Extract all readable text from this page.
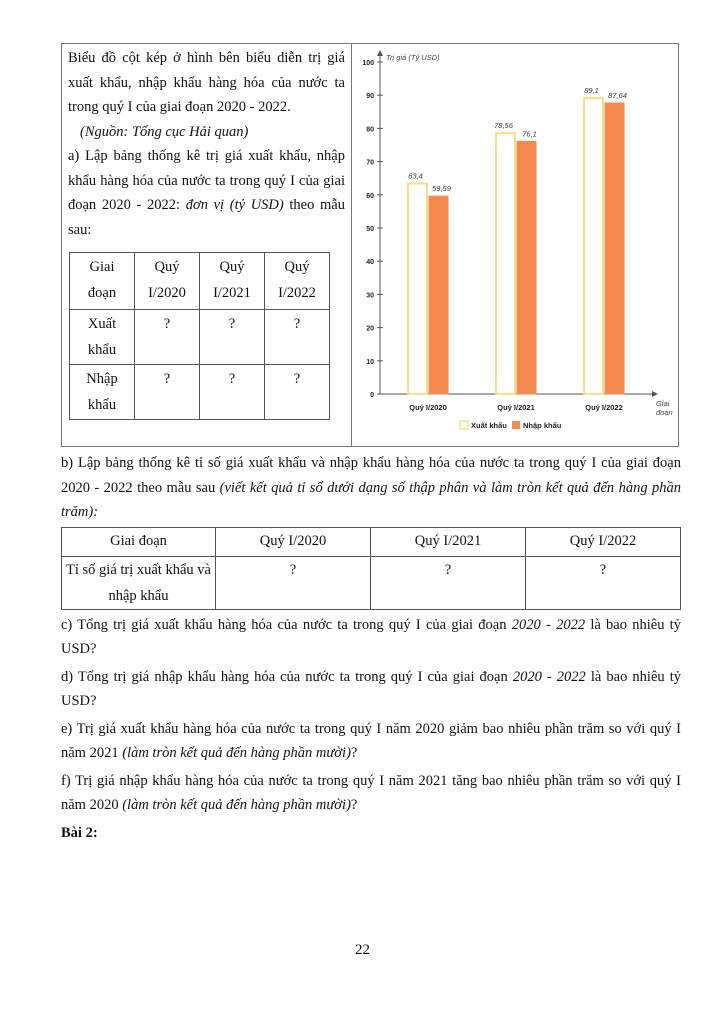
Biểu đồ cột kép ở hình bên biểu diễn trị giá xuất khẩu, nhập khẩu hàng hóa của nước ta trong quý I của giai đoạn 2020 - 2022.

(Nguồn: Tổng cục Hải quan)

a) Lập bảng thống kê trị giá xuất khẩu, nhập khẩu hàng hóa của nước ta trong quý I của giai đoạn 2020 - 2022: đơn vị (tỷ USD) theo mẫu sau:

Giai đoạn	Quý I/2020	Quý I/2021	Quý I/2022
Xuất khẩu	?	?	?
Nhập khẩu	?	?	?
0
10
20
30
40
50
60
70
80
90
100
Trị giá (Tỷ USD)
Giai
đoạn
63,4
59,59
Quý I/2020
78,56
76,1
Quý I/2021
89,1
87,64
Quý I/2022
Xuất khẩu Nhập khẩu

b) Lập bảng thống kê tỉ số giá xuất khẩu và nhập khẩu hàng hóa của nước ta trong quý I của giai đoạn 2020 - 2022 theo mẫu sau (viết kết quả tỉ số dưới dạng số thập phân và làm tròn kết quả đến hàng phần trăm):

Giai đoạn	Quý I/2020	Quý I/2021	Quý I/2022
Tỉ số giá trị xuất khẩu và nhập khẩu	?	?	?

c) Tổng trị giá xuất khẩu hàng hóa của nước ta trong quý I của giai đoạn 2020 - 2022 là bao nhiêu tỷ USD?

d) Tổng trị giá nhập khẩu hàng hóa của nước ta trong quý I của giai đoạn 2020 - 2022 là bao nhiêu tỷ USD?

e) Trị giá xuất khẩu hàng hóa của nước ta trong quý I năm 2020 giảm bao nhiêu phần trăm so với quý I năm 2021 (làm tròn kết quả đến hàng phần mười)?

f) Trị giá nhập khẩu hàng hóa của nước ta trong quý I năm 2021 tăng bao nhiêu phần trăm so với quý I năm 2020 (làm tròn kết quả đến hàng phần mười)?

Bài 2:

22
